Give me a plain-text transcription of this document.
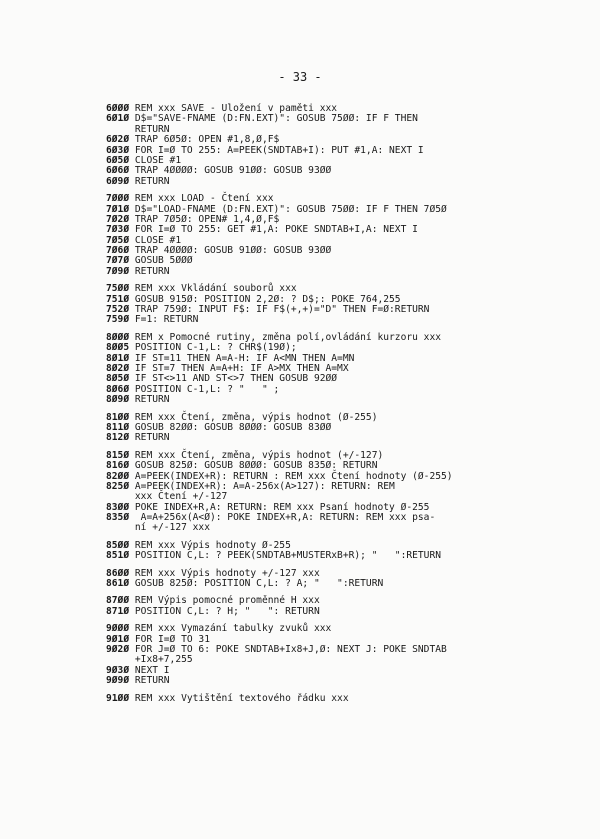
- 33 -
6ØØØ REM xxx SAVE - Uložení v paměti xxx
6Ø1Ø D$="SAVE-FNAME (D:FN.EXT)": GOSUB 75ØØ: IF F THEN
RETURN
6Ø2Ø TRAP 6Ø5Ø: OPEN #1,8,Ø,F$
6Ø3Ø FOR I=Ø TO 255: A=PEEK(SNDTAB+I): PUT #1,A: NEXT I
6Ø5Ø CLOSE #1
6Ø6Ø TRAP 4ØØØØ: GOSUB 91ØØ: GOSUB 93ØØ
6Ø9Ø RETURN
7ØØØ REM xxx LOAD - Čtení xxx
7Ø1Ø D$="LOAD-FNAME (D:FN.EXT)": GOSUB 75ØØ: IF F THEN 7Ø5Ø
7Ø2Ø TRAP 7Ø5Ø: OPEN# 1,4,Ø,F$
7Ø3Ø FOR I=Ø TO 255: GET #1,A: POKE SNDTAB+I,A: NEXT I
7Ø5Ø CLOSE #1
7Ø6Ø TRAP 4ØØØØ: GOSUB 91ØØ: GOSUB 93ØØ
7Ø7Ø GOSUB 5ØØØ
7Ø9Ø RETURN
75ØØ REM xxx Vkládání souborů xxx
751Ø GOSUB 915Ø: POSITION 2,2Ø: ? D$;: POKE 764,255
752Ø TRAP 759Ø: INPUT F$: IF F$(+,+)="D" THEN F=Ø:RETURN
759Ø F=1: RETURN
8ØØØ REM x Pomocné rutiny, změna polí,ovládání kurzoru xxx
8ØØ5 POSITION C-1,L: ? CHR$(19Ø);
8Ø1Ø IF ST=11 THEN A=A-H: IF A<MN THEN A=MN
8Ø2Ø IF ST=7 THEN A=A+H: IF A>MX THEN A=MX
8Ø5Ø IF ST<>11 AND ST<>7 THEN GOSUB 92ØØ
8Ø6Ø POSITION C-1,L: ? "   " ;
8Ø9Ø RETURN
81ØØ REM xxx Čtení, změna, výpis hodnot (Ø-255)
811Ø GOSUB 82ØØ: GOSUB 8ØØØ: GOSUB 83ØØ
812Ø RETURN
815Ø REM xxx Čtení, změna, výpis hodnot (+/-127)
816Ø GOSUB 825Ø: GOSUB 8ØØØ: GOSUB 835Ø: RETURN
82ØØ A=PEEK(INDEX+R): RETURN : REM xxx Čtení hodnoty (Ø-255)
825Ø A=PEEK(INDEX+R): A=A-256x(A>127): RETURN: REM
xxx Čtení +/-127
83ØØ POKE INDEX+R,A: RETURN: REM xxx Psaní hodnoty Ø-255
835Ø  A=A+256x(A<Ø): POKE INDEX+R,A: RETURN: REM xxx psa-
ní +/-127 xxx
85ØØ REM xxx Výpis hodnoty Ø-255
851Ø POSITION C,L: ? PEEK(SNDTAB+MUSTERxB+R); "   ":RETURN
86ØØ REM xxx Výpis hodnoty +/-127 xxx
861Ø GOSUB 825Ø: POSITION C,L: ? A; "   ":RETURN
87ØØ REM Výpis pomocné proměnné H xxx
871Ø POSITION C,L: ? H; "   ": RETURN
9ØØØ REM xxx Vymazání tabulky zvuků xxx
9Ø1Ø FOR I=Ø TO 31
9Ø2Ø FOR J=Ø TO 6: POKE SNDTAB+Ix8+J,Ø: NEXT J: POKE SNDTAB
+Ix8+7,255
9Ø3Ø NEXT I
9Ø9Ø RETURN
91ØØ REM xxx Vytištění textového řádku xxx
